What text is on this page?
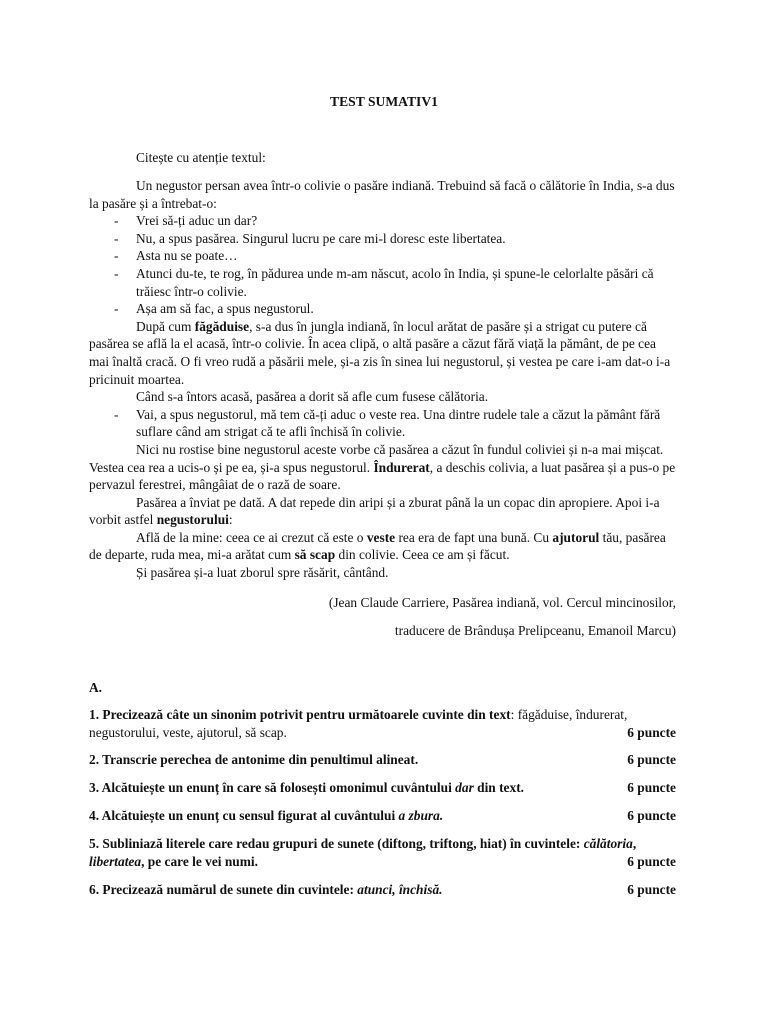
TEST SUMATIV1

Citește cu atenție textul:

Un negustor persan avea într-o colivie o pasăre indiană. Trebuind să facă o călătorie în India, s-a dus la pasăre și a întrebat-o:

- Vrei să-ți aduc un dar?

- Nu, a spus pasărea. Singurul lucru pe care mi-l doresc este libertatea.

- Asta nu se poate…

- Atunci du-te, te rog, în pădurea unde m-am născut, acolo în India, și spune-le celorlalte păsări că trăiesc într-o colivie.

- Așa am să fac, a spus negustorul.

După cum făgăduise, s-a dus în jungla indiană, în locul arătat de pasăre și a strigat cu putere că pasărea se află la el acasă, într-o colivie. În acea clipă, o altă pasăre a căzut fără viață la pământ, de pe cea mai înaltă cracă. O fi vreo rudă a păsării mele, și-a zis în sinea lui negustorul, și vestea pe care i-am dat-o i-a pricinuit moartea.

Când s-a întors acasă, pasărea a dorit să afle cum fusese călătoria.

- Vai, a spus negustorul, mă tem că-ți aduc o veste rea. Una dintre rudele tale a căzut la pământ fără suflare când am strigat că te afli închisă în colivie.

Nici nu rostise bine negustorul aceste vorbe că pasărea a căzut în fundul coliviei și n-a mai mișcat. Vestea cea rea a ucis-o și pe ea, și-a spus negustorul. Îndurerat, a deschis colivia, a luat pasărea și a pus-o pe pervazul ferestrei, mângâiat de o rază de soare.

Pasărea a înviat pe dată. A dat repede din aripi și a zburat până la un copac din apropiere. Apoi i-a vorbit astfel negustorului:

Află de la mine: ceea ce ai crezut că este o veste rea era de fapt una bună. Cu ajutorul tău, pasărea de departe, ruda mea, mi-a arătat cum să scap din colivie. Ceea ce am și făcut.

Și pasărea și-a luat zborul spre răsărit, cântând.

(Jean Claude Carriere, Pasărea indiană, vol. Cercul mincinosilor,
traducere de Brândușa Prelipceanu, Emanoil Marcu)
A.

1. Precizează câte un sinonim potrivit pentru următoarele cuvinte din text: făgăduise, îndurerat, negustorului, veste, ajutorul, să scap.	6 puncte
2. Transcrie perechea de antonime din penultimul alineat.	6 puncte
3. Alcătuiește un enunț în care să folosești omonimul cuvântului dar din text.	6 puncte
4. Alcătuiește un enunț cu sensul figurat al cuvântului a zbura.	6 puncte

5. Subliniază literele care redau grupuri de sunete (diftong, triftong, hiat) în cuvintele: călătoria, libertatea, pe care le vei numi.	6 puncte
6. Precizează numărul de sunete din cuvintele: atunci, închisă.	6 puncte
